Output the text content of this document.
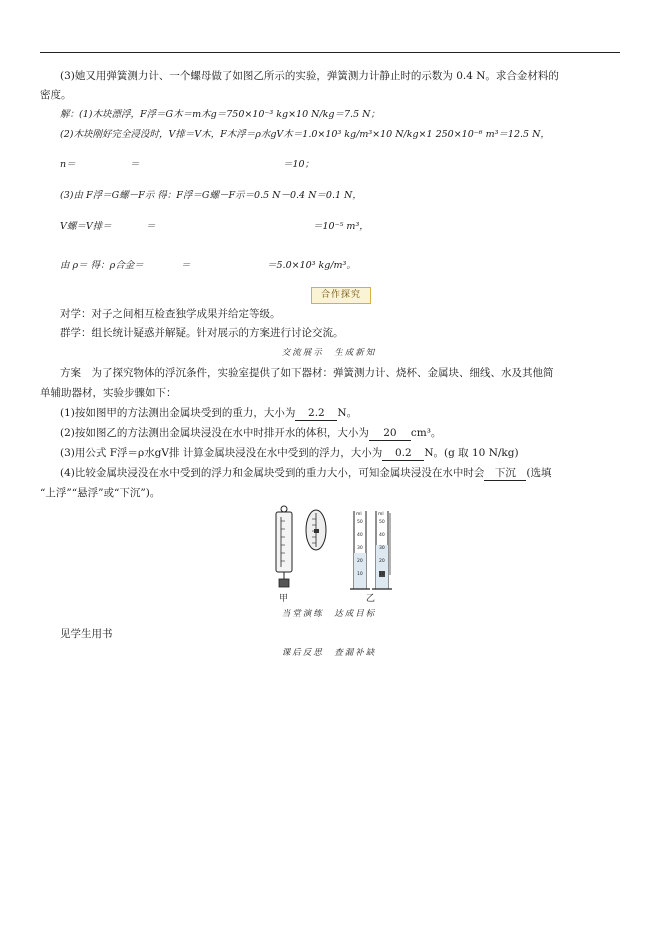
(3)她又用弹簧测力计、一个螺母做了如图乙所示的实验，弹簧测力计静止时的示数为 0.4 N。求合金材料的
密度。
解：(1)木块漂浮，F浮＝G木＝m木g＝750×10⁻³ kg×10 N/kg＝7.5 N；
(2)木块刚好完全浸没时，V排＝V木，F木浮＝ρ水gV木＝1.0×10³ kg/m³×10 N/kg×1 250×10⁻⁶ m³＝12.5 N，
n＝	＝	＝10；
(3)由 F浮＝G螺－F示 得：F浮＝G螺－F示＝0.5 N－0.4 N＝0.1 N，
V螺＝V排＝	＝	＝10⁻⁵ m³，
由 ρ＝ 得：ρ合金＝	＝	＝5.0×10³ kg/m³。
合作探究
对学：对子之间相互检查独学成果并给定等级。
群学：组长统计疑惑并解疑。针对展示的方案进行讨论交流。
交流展示　生成新知
方案　为了探究物体的浮沉条件，实验室提供了如下器材：弹簧测力计、烧杯、金属块、细线、水及其他简
单辅助器材，实验步骤如下：
(1)按如图甲的方法测出金属块受到的重力，大小为 2.2 N。
(2)按如图乙的方法测出金属块浸没在水中时排开水的体积，大小为 20 cm³。
(3)用公式 F浮＝ρ水gV排 计算金属块浸没在水中受到的浮力，大小为 0.2 N。(g 取 10 N/kg)
(4)比较金属块浸没在水中受到的浮力和金属块受到的重力大小，可知金属块浸没在水中时会 下沉 (选填
“上浮”“悬浮”或“下沉”)。
ml	ml
50
40
30
20
10
50
40
30
20
10
甲	乙
当堂演练　达成目标
见学生用书
课后反思　查漏补缺
